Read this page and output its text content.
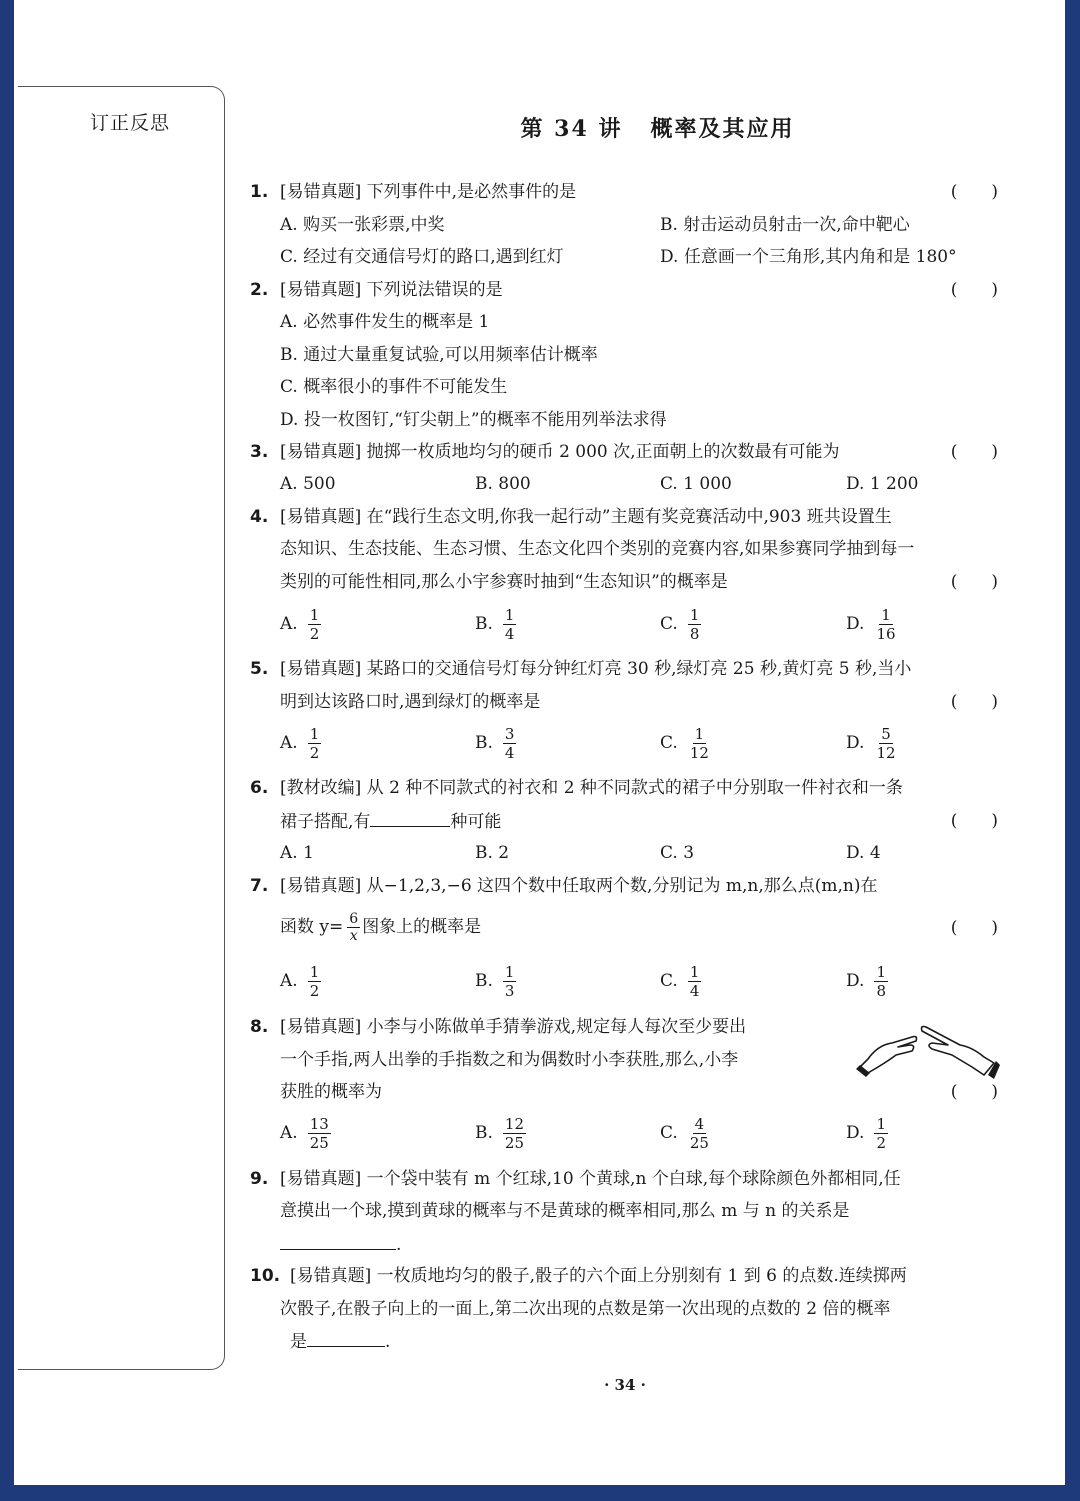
订正反思	第 34 讲 概率及其应用
1. [易错真题] 下列事件中,是必然事件的是	(　　)
A. 购买一张彩票,中奖	B. 射击运动员射击一次,命中靶心
C. 经过有交通信号灯的路口,遇到红灯	D. 任意画一个三角形,其内角和是 180°
2. [易错真题] 下列说法错误的是	(　　)
A. 必然事件发生的概率是 1
B. 通过大量重复试验,可以用频率估计概率
C. 概率很小的事件不可能发生
D. 投一枚图钉,“钉尖朝上”的概率不能用列举法求得
3. [易错真题] 抛掷一枚质地均匀的硬币 2 000 次,正面朝上的次数最有可能为	(　　)
A. 500	B. 800	C. 1 000	D. 1 200
4. [易错真题] 在“践行生态文明,你我一起行动”主题有奖竞赛活动中,903 班共设置生
态知识、生态技能、生态习惯、生态文化四个类别的竞赛内容,如果参赛同学抽到每一
类别的可能性相同,那么小宇参赛时抽到“生态知识”的概率是	(　　)
A. $\frac{1}{2}$	B. $\frac{1}{4}$	C. $\frac{1}{8}$	D. $\frac{1}{16}$
5. [易错真题] 某路口的交通信号灯每分钟红灯亮 30 秒,绿灯亮 25 秒,黄灯亮 5 秒,当小
明到达该路口时,遇到绿灯的概率是	(　　)
A. $\frac{1}{2}$	B. $\frac{3}{4}$	C. $\frac{1}{12}$	D. $\frac{5}{12}$
6. [教材改编] 从 2 种不同款式的衬衣和 2 种不同款式的裙子中分别取一件衬衣和一条
裙子搭配,有	种可能	(　　)
A. 1	B. 2	C. 3	D. 4
7. [易错真题] 从−1,2,3,−6 这四个数中任取两个数,分别记为 m,n,那么点(m,n)在
函数 $y= \frac{6}{x}$ 图象上的概率是	(　　)
A. $\frac{1}{2}$	B. $\frac{1}{3}$	C. $\frac{1}{4}$	D. $\frac{1}{8}$
8. [易错真题] 小李与小陈做单手猜拳游戏,规定每人每次至少要出
一个手指,两人出拳的手指数之和为偶数时小李获胜,那么,小李
获胜的概率为	(　　)
A. $\frac{13}{25}$	B. $\frac{12}{25}$	C. $\frac{4}{25}$	D. $\frac{1}{2}$
9. [易错真题] 一个袋中装有 m 个红球,10 个黄球,n 个白球,每个球除颜色外都相同,任
意摸出一个球,摸到黄球的概率与不是黄球的概率相同,那么 m 与 n 的关系是
.
10. [易错真题] 一枚质地均匀的骰子,骰子的六个面上分别刻有 1 到 6 的点数.连续掷两
次骰子,在骰子向上的一面上,第二次出现的点数是第一次出现的点数的 2 倍的概率
是	.
· 34 ·
